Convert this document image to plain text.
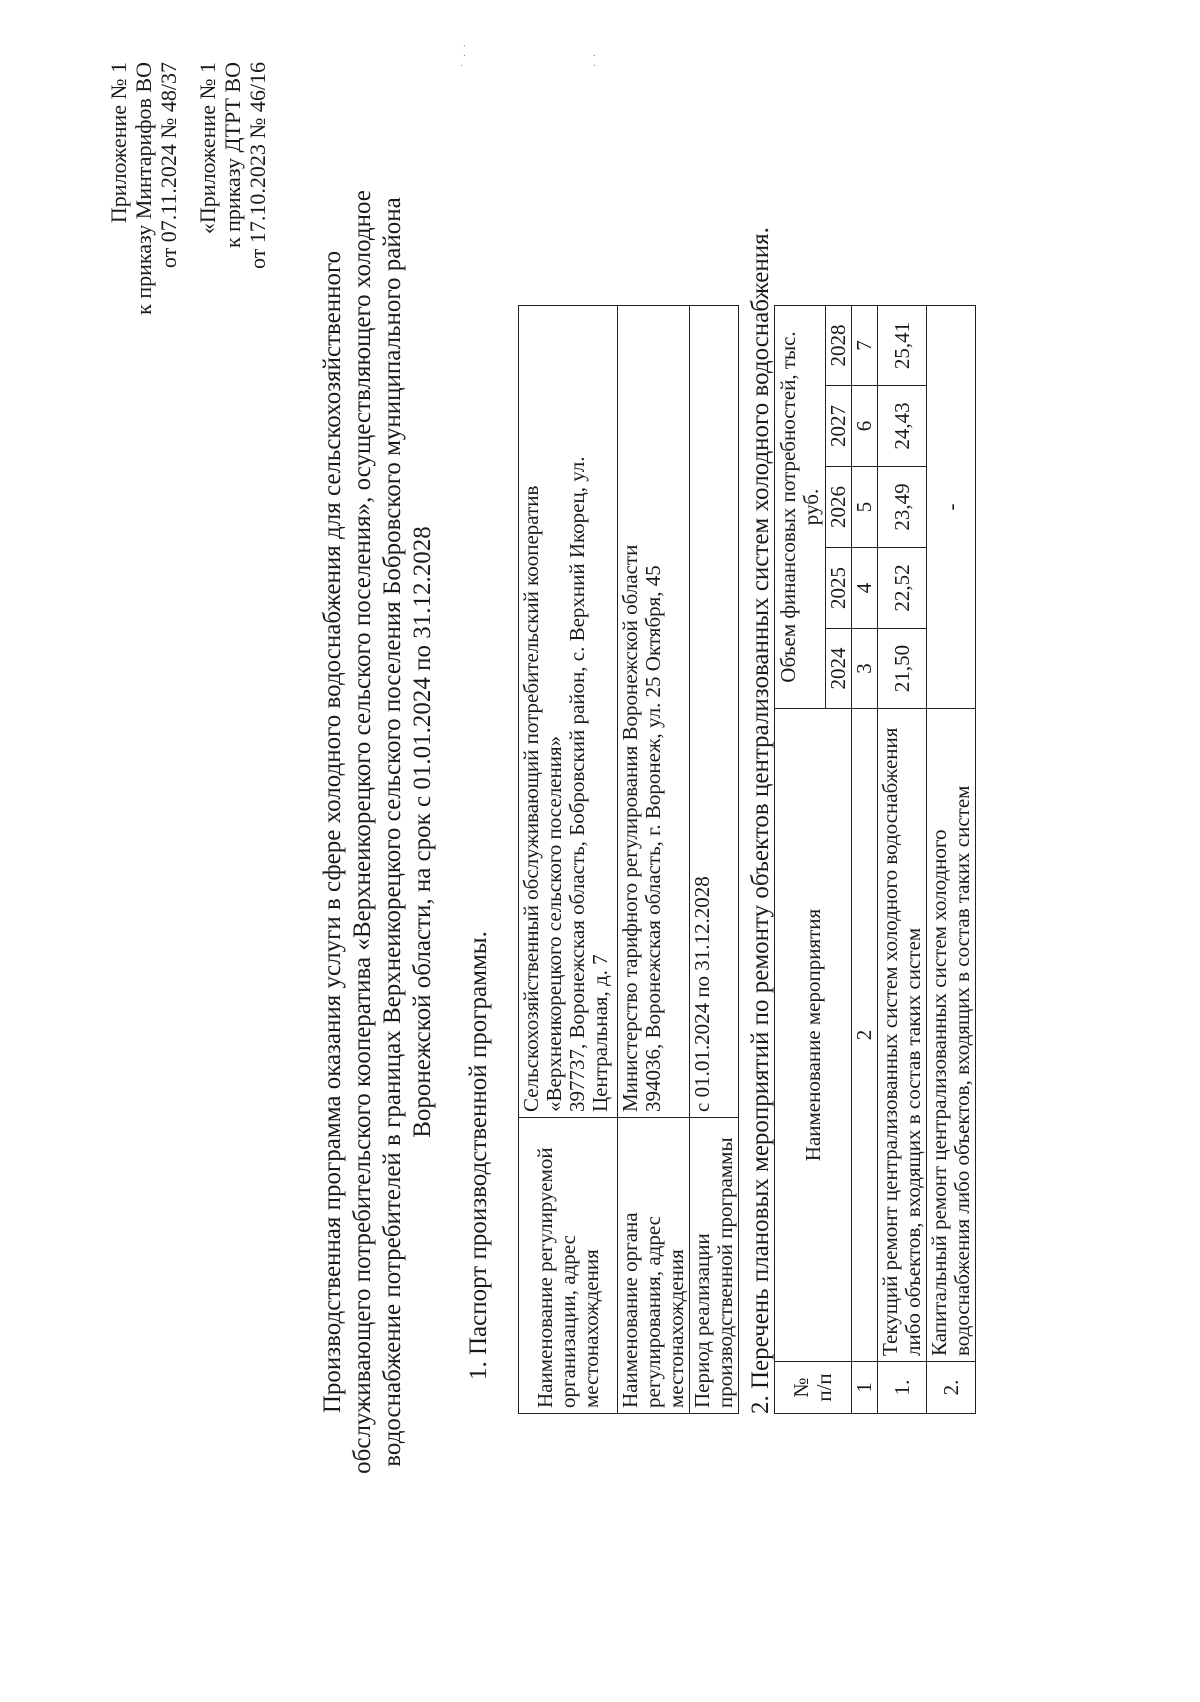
˙ · ·	· ·
Приложение № 1 к приказу Минтарифов ВО от 07.11.2024 № 48/37 «Приложение № 1 к приказу ДТРТ ВО от 17.10.2023 № 46/16
Производственная программа оказания услуги в сфере холодного водоснабжения для сельскохозяйственного обслуживающего потребительского кооператива «Верхнеикорецкого сельского поселения», осуществляющего холодное водоснабжение потребителей в границах Верхнеикорецкого сельского поселения Бобровского муниципального района Воронежской области, на срок с 01.01.2024 по 31.12.2028
1. Паспорт производственной программы. Наименование регулируемой организации, адрес местонахождения	Сельскохозяйственный обслуживающий потребительский кооператив «Верхнеикорецкого сельского поселения» 397737, Воронежская область, Бобровский район, с. Верхний Икорец, ул. Центральная, д. 7

Наименование органа регулирования, адрес местонахождения	Министерство тарифного регулирования Воронежской области 394036, Воронежская область, г. Воронеж, ул. 25 Октября, 45

Период реализации производственной программы	с 01.01.2024 по 31.12.2028 2. Перечень плановых мероприятий по ремонту объектов централизованных систем холодного водоснабжения. № п/п	Наименование мероприятия	Объем финансовых потребностей, тыс. руб.				
		2024	2025	2026	2027	2028
1	2	3	4	5	6	7
1.	Текущий ремонт централизованных систем холодного водоснабжения либо объектов, входящих в состав таких систем	21,50	22,52	23,49	24,43	25,41
2.	Капитальный ремонт централизованных систем холодного водоснабжения либо объектов, входящих в состав таких систем	-				
